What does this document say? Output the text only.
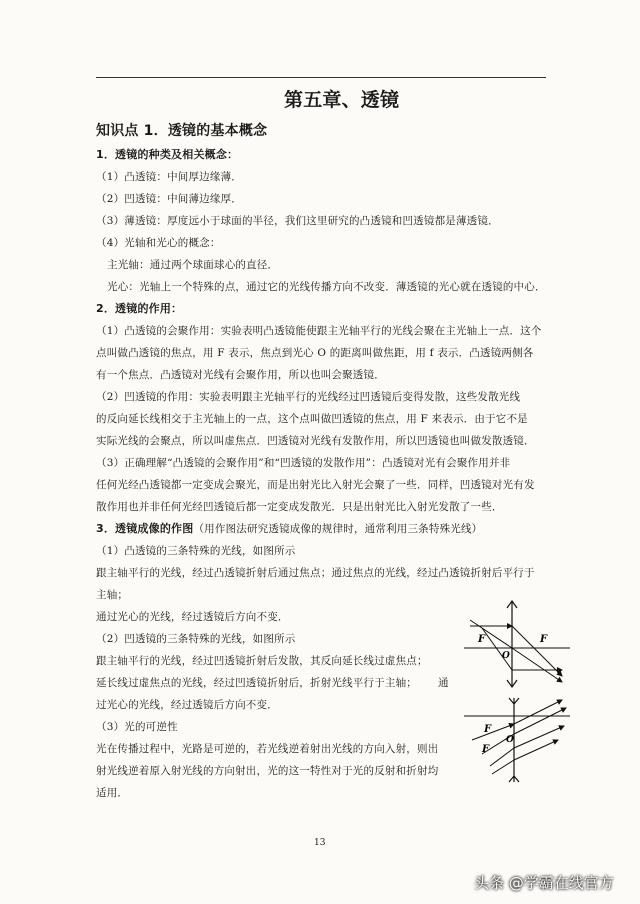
第五章、透镜
知识点 1．透镜的基本概念
1．透镜的种类及相关概念：
（1）凸透镜：中间厚边缘薄．
（2）凹透镜：中间薄边缘厚．
（3）薄透镜：厚度远小于球面的半径，我们这里研究的凸透镜和凹透镜都是薄透镜．
（4）光轴和光心的概念：
主光轴：通过两个球面球心的直径．
光心：光轴上一个特殊的点，通过它的光线传播方向不改变．薄透镜的光心就在透镜的中心．
2．透镜的作用：
（1）凸透镜的会聚作用：实验表明凸透镜能使跟主光轴平行的光线会聚在主光轴上一点．这个
点叫做凸透镜的焦点，用 F 表示，焦点到光心 O 的距离叫做焦距，用 f 表示．凸透镜两侧各
有一个焦点．凸透镜对光线有会聚作用，所以也叫会聚透镜．
（2）凹透镜的作用：实验表明跟主光轴平行的光线经过凹透镜后变得发散，这些发散光线
的反向延长线相交于主光轴上的一点，这个点叫做凹透镜的焦点，用 F 来表示．由于它不是
实际光线的会聚点，所以叫虚焦点．凹透镜对光线有发散作用，所以凹透镜也叫做发散透镜．
（3）正确理解“凸透镜的会聚作用”和“凹透镜的发散作用”：凸透镜对光有会聚作用并非
任何光经凸透镜都一定变成会聚光，而是出射光比入射光会聚了一些．同样，凹透镜对光有发
散作用也并非任何光经凹透镜后都一定变成发散光．只是出射光比入射光发散了一些．
3．透镜成像的作图（用作图法研究透镜成像的规律时，通常利用三条特殊光线）
（1）凸透镜的三条特殊的光线，如图所示
跟主轴平行的光线，经过凸透镜折射后通过焦点；通过焦点的光线，经过凸透镜折射后平行于
主轴；
通过光心的光线，经过透镜后方向不变．
（2）凹透镜的三条特殊的光线，如图所示
跟主轴平行的光线，经过凹透镜折射后发散，其反向延长线过虚焦点；
延长线过虚焦点的光线，经过凹透镜折射后，折射光线平行于主轴； 通
过光心的光线，经过透镜后方向不变．
（3）光的可逆性
光在传播过程中，光路是可逆的，若光线逆着射出光线的方向入射，则出
射光线逆着原入射光线的方向射出，光的这一特性对于光的反射和折射均
适用．
F	F
O
F
O
F
13
头条 @学霸在线官方
